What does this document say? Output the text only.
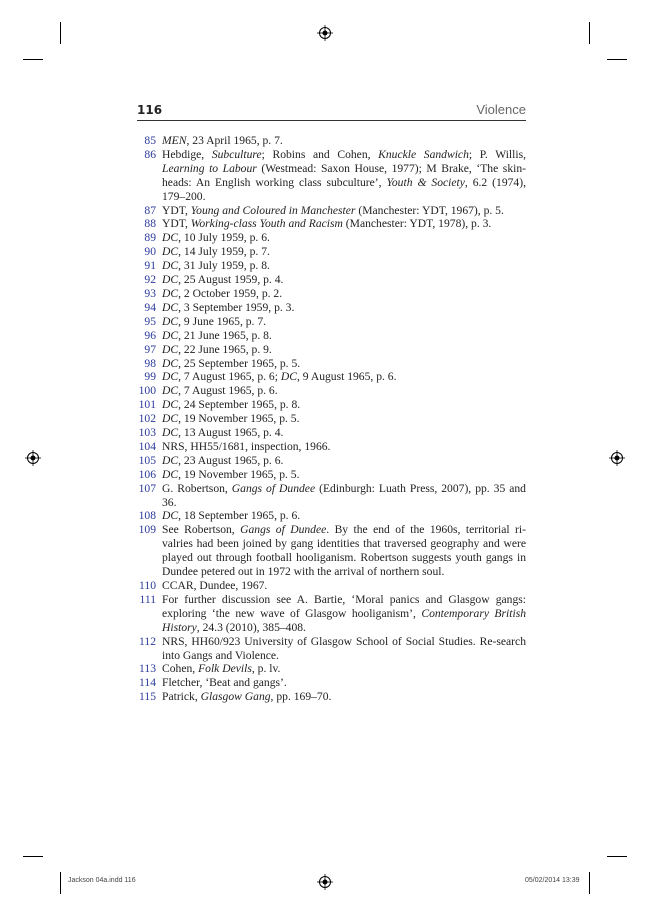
116	Violence
85 MEN, 23 April 1965, p. 7.
86 Hebdige, Subculture; Robins and Cohen, Knuckle Sandwich; P. Willis, Learning to Labour (Westmead: Saxon House, 1977); M Brake, ‘The skin-heads: An English working class subculture’, Youth & Society, 6.2 (1974), 179–200.
87 YDT, Young and Coloured in Manchester (Manchester: YDT, 1967), p. 5.
88 YDT, Working-class Youth and Racism (Manchester: YDT, 1978), p. 3.
89 DC, 10 July 1959, p. 6.
90 DC, 14 July 1959, p. 7.
91 DC, 31 July 1959, p. 8.
92 DC, 25 August 1959, p. 4.
93 DC, 2 October 1959, p. 2.
94 DC, 3 September 1959, p. 3.
95 DC, 9 June 1965, p. 7.
96 DC, 21 June 1965, p. 8.
97 DC, 22 June 1965, p. 9.
98 DC, 25 September 1965, p. 5.
99 DC, 7 August 1965, p. 6; DC, 9 August 1965, p. 6.
100 DC, 7 August 1965, p. 6.
101 DC, 24 September 1965, p. 8.
102 DC, 19 November 1965, p. 5.
103 DC, 13 August 1965, p. 4.
104 NRS, HH55/1681, inspection, 1966.
105 DC, 23 August 1965, p. 6.
106 DC, 19 November 1965, p. 5.
107 G. Robertson, Gangs of Dundee (Edinburgh: Luath Press, 2007), pp. 35 and 36.
108 DC, 18 September 1965, p. 6.
109 See Robertson, Gangs of Dundee. By the end of the 1960s, territorial ri-valries had been joined by gang identities that traversed geography and were played out through football hooliganism. Robertson suggests youth gangs in Dundee petered out in 1972 with the arrival of northern soul.
110 CCAR, Dundee, 1967.
111 For further discussion see A. Bartie, ‘Moral panics and Glasgow gangs: exploring ‘the new wave of Glasgow hooliganism’, Contemporary British History, 24.3 (2010), 385–408.
112 NRS, HH60/923 University of Glasgow School of Social Studies. Re-search into Gangs and Violence.
113 Cohen, Folk Devils, p. lv.
114 Fletcher, ‘Beat and gangs’.
115 Patrick, Glasgow Gang, pp. 169–70.
Jackson 04a.indd 116	05/02/2014 13:39
